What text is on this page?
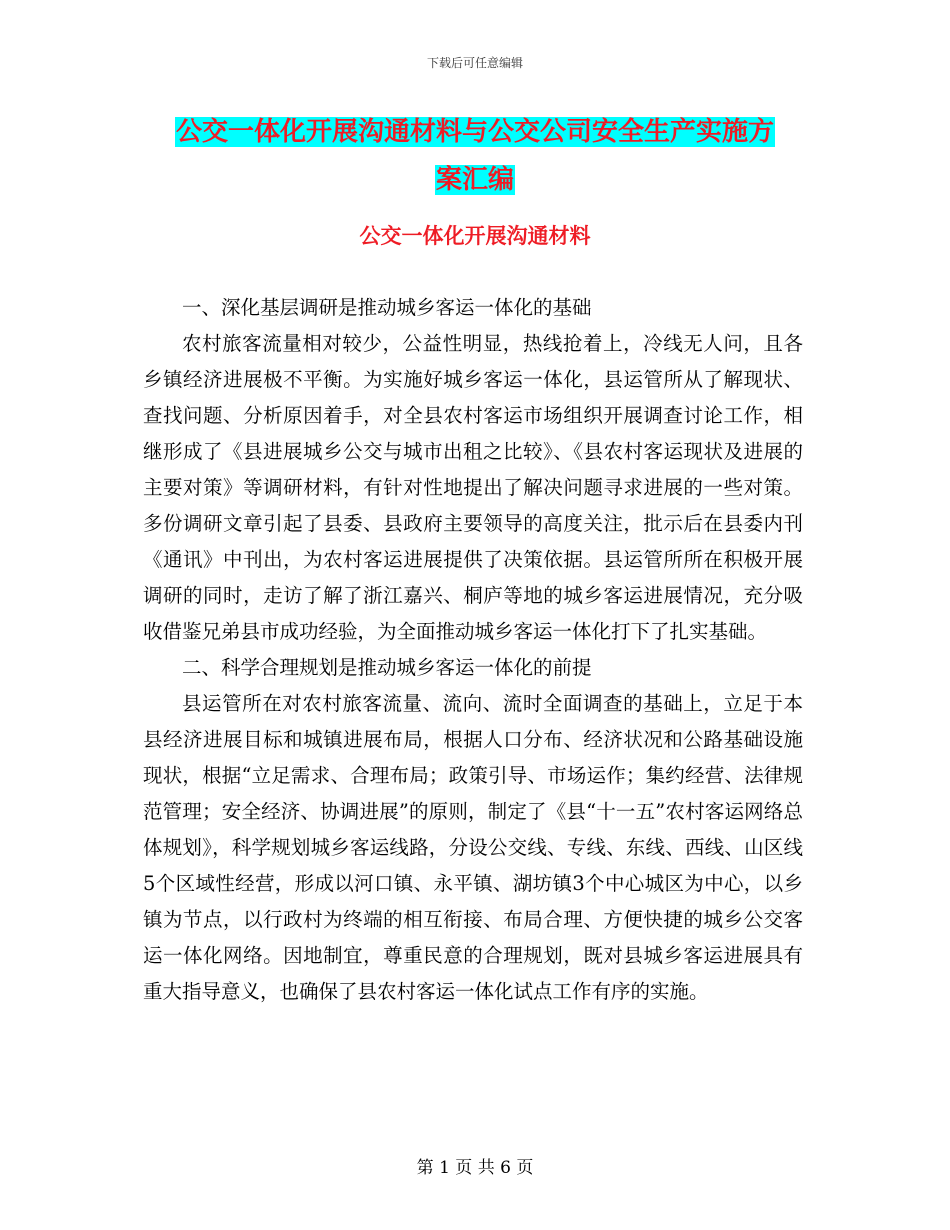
下载后可任意编辑
公交一体化开展沟通材料与公交公司安全生产实施方
案汇编
公交一体化开展沟通材料

一、深化基层调研是推动城乡客运一体化的基础

农村旅客流量相对较少，公益性明显，热线抢着上，冷线无人问，且各乡镇经济进展极不平衡。为实施好城乡客运一体化，县运管所从了解现状、查找问题、分析原因着手，对全县农村客运市场组织开展调查讨论工作，相继形成了《县进展城乡公交与城市出租之比较》、《县农村客运现状及进展的主要对策》等调研材料，有针对性地提出了解决问题寻求进展的一些对策。多份调研文章引起了县委、县政府主要领导的高度关注，批示后在县委内刊《通讯》中刊出，为农村客运进展提供了决策依据。县运管所所在积极开展调研的同时，走访了解了浙江嘉兴、桐庐等地的城乡客运进展情况，充分吸收借鉴兄弟县市成功经验，为全面推动城乡客运一体化打下了扎实基础。

二、科学合理规划是推动城乡客运一体化的前提

县运管所在对农村旅客流量、流向、流时全面调查的基础上，立足于本县经济进展目标和城镇进展布局，根据人口分布、经济状况和公路基础设施现状，根据“立足需求、合理布局；政策引导、市场运作；集约经营、法律规范管理；安全经济、协调进展”的原则，制定了《县“十一五”农村客运网络总体规划》，科学规划城乡客运线路，分设公交线、专线、东线、西线、山区线5个区域性经营，形成以河口镇、永平镇、湖坊镇3个中心城区为中心，以乡镇为节点，以行政村为终端的相互衔接、布局合理、方便快捷的城乡公交客运一体化网络。因地制宜，尊重民意的合理规划，既对县城乡客运进展具有重大指导意义，也确保了县农村客运一体化试点工作有序的实施。

第 1 页 共 6 页
